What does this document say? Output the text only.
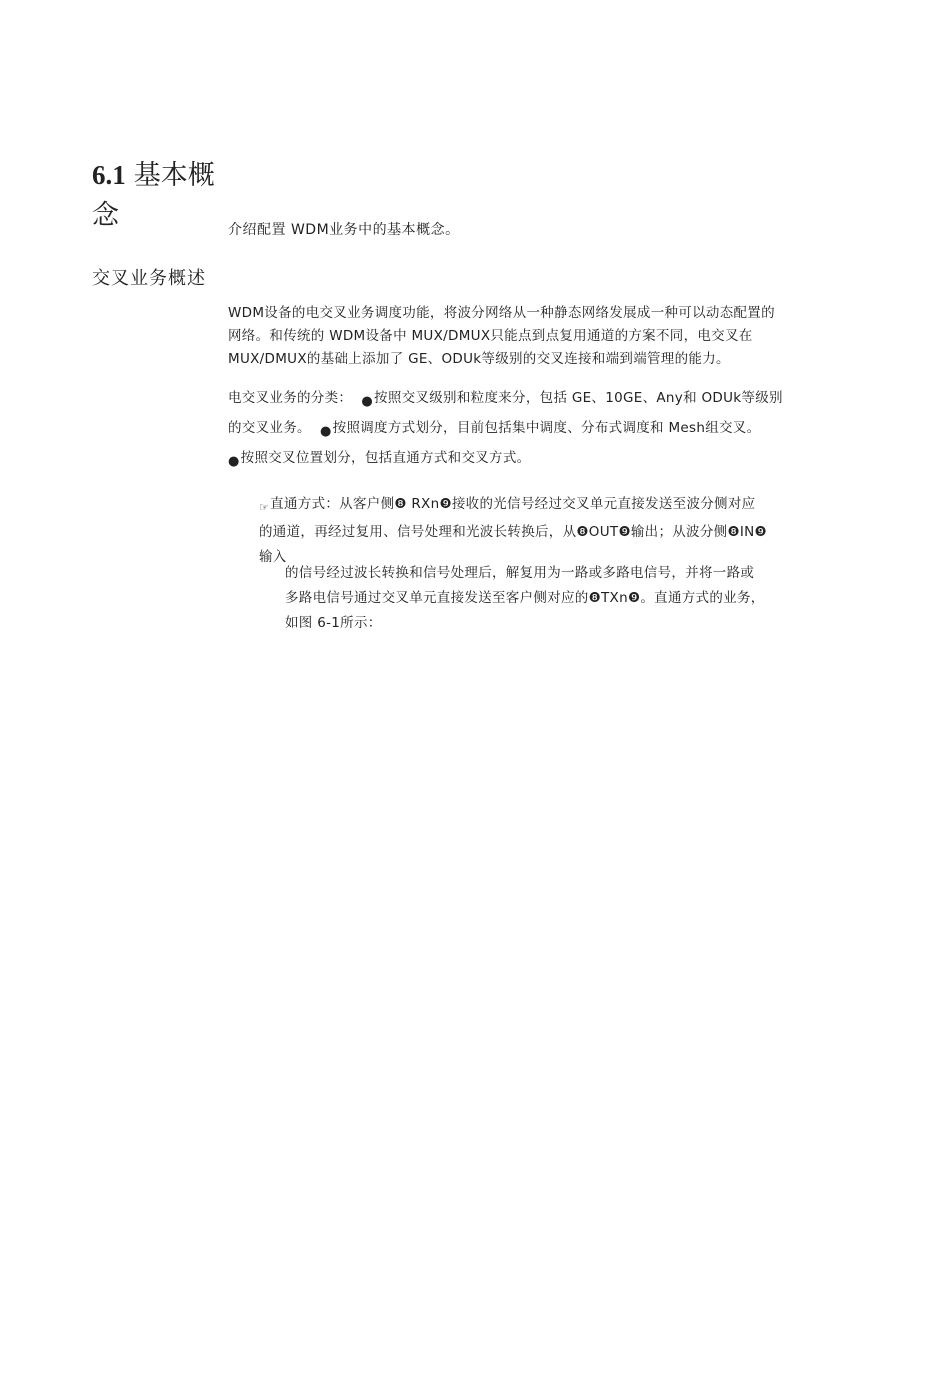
6.1 基本概念	介绍配置 WDM业务中的基本概念。
交叉业务概述
WDM设备的电交叉业务调度功能，将波分网络从一种静态网络发展成一种可以动态配置的
网络。和传统的 WDM设备中 MUX/DMUX只能点到点复用通道的方案不同，电交叉在
MUX/DMUX的基础上添加了 GE、ODUk等级别的交叉连接和端到端管理的能力。
电交叉业务的分类： ●按照交叉级别和粒度来分，包括 GE、10GE、Any和 ODUk等级别
的交叉业务。 ●按照调度方式划分，目前包括集中调度、分布式调度和 Mesh组交叉。
●按照交叉位置划分，包括直通方式和交叉方式。
☞直通方式：从客户侧❽ RXn❾接收的光信号经过交叉单元直接发送至波分侧对应
的通道，再经过复用、信号处理和光波长转换后，从❽OUT❾输出；从波分侧❽IN❾
输入
的信号经过波长转换和信号处理后，解复用为一路或多路电信号，并将一路或
多路电信号通过交叉单元直接发送至客户侧对应的❽TXn❾。直通方式的业务，
如图 6-1所示：
